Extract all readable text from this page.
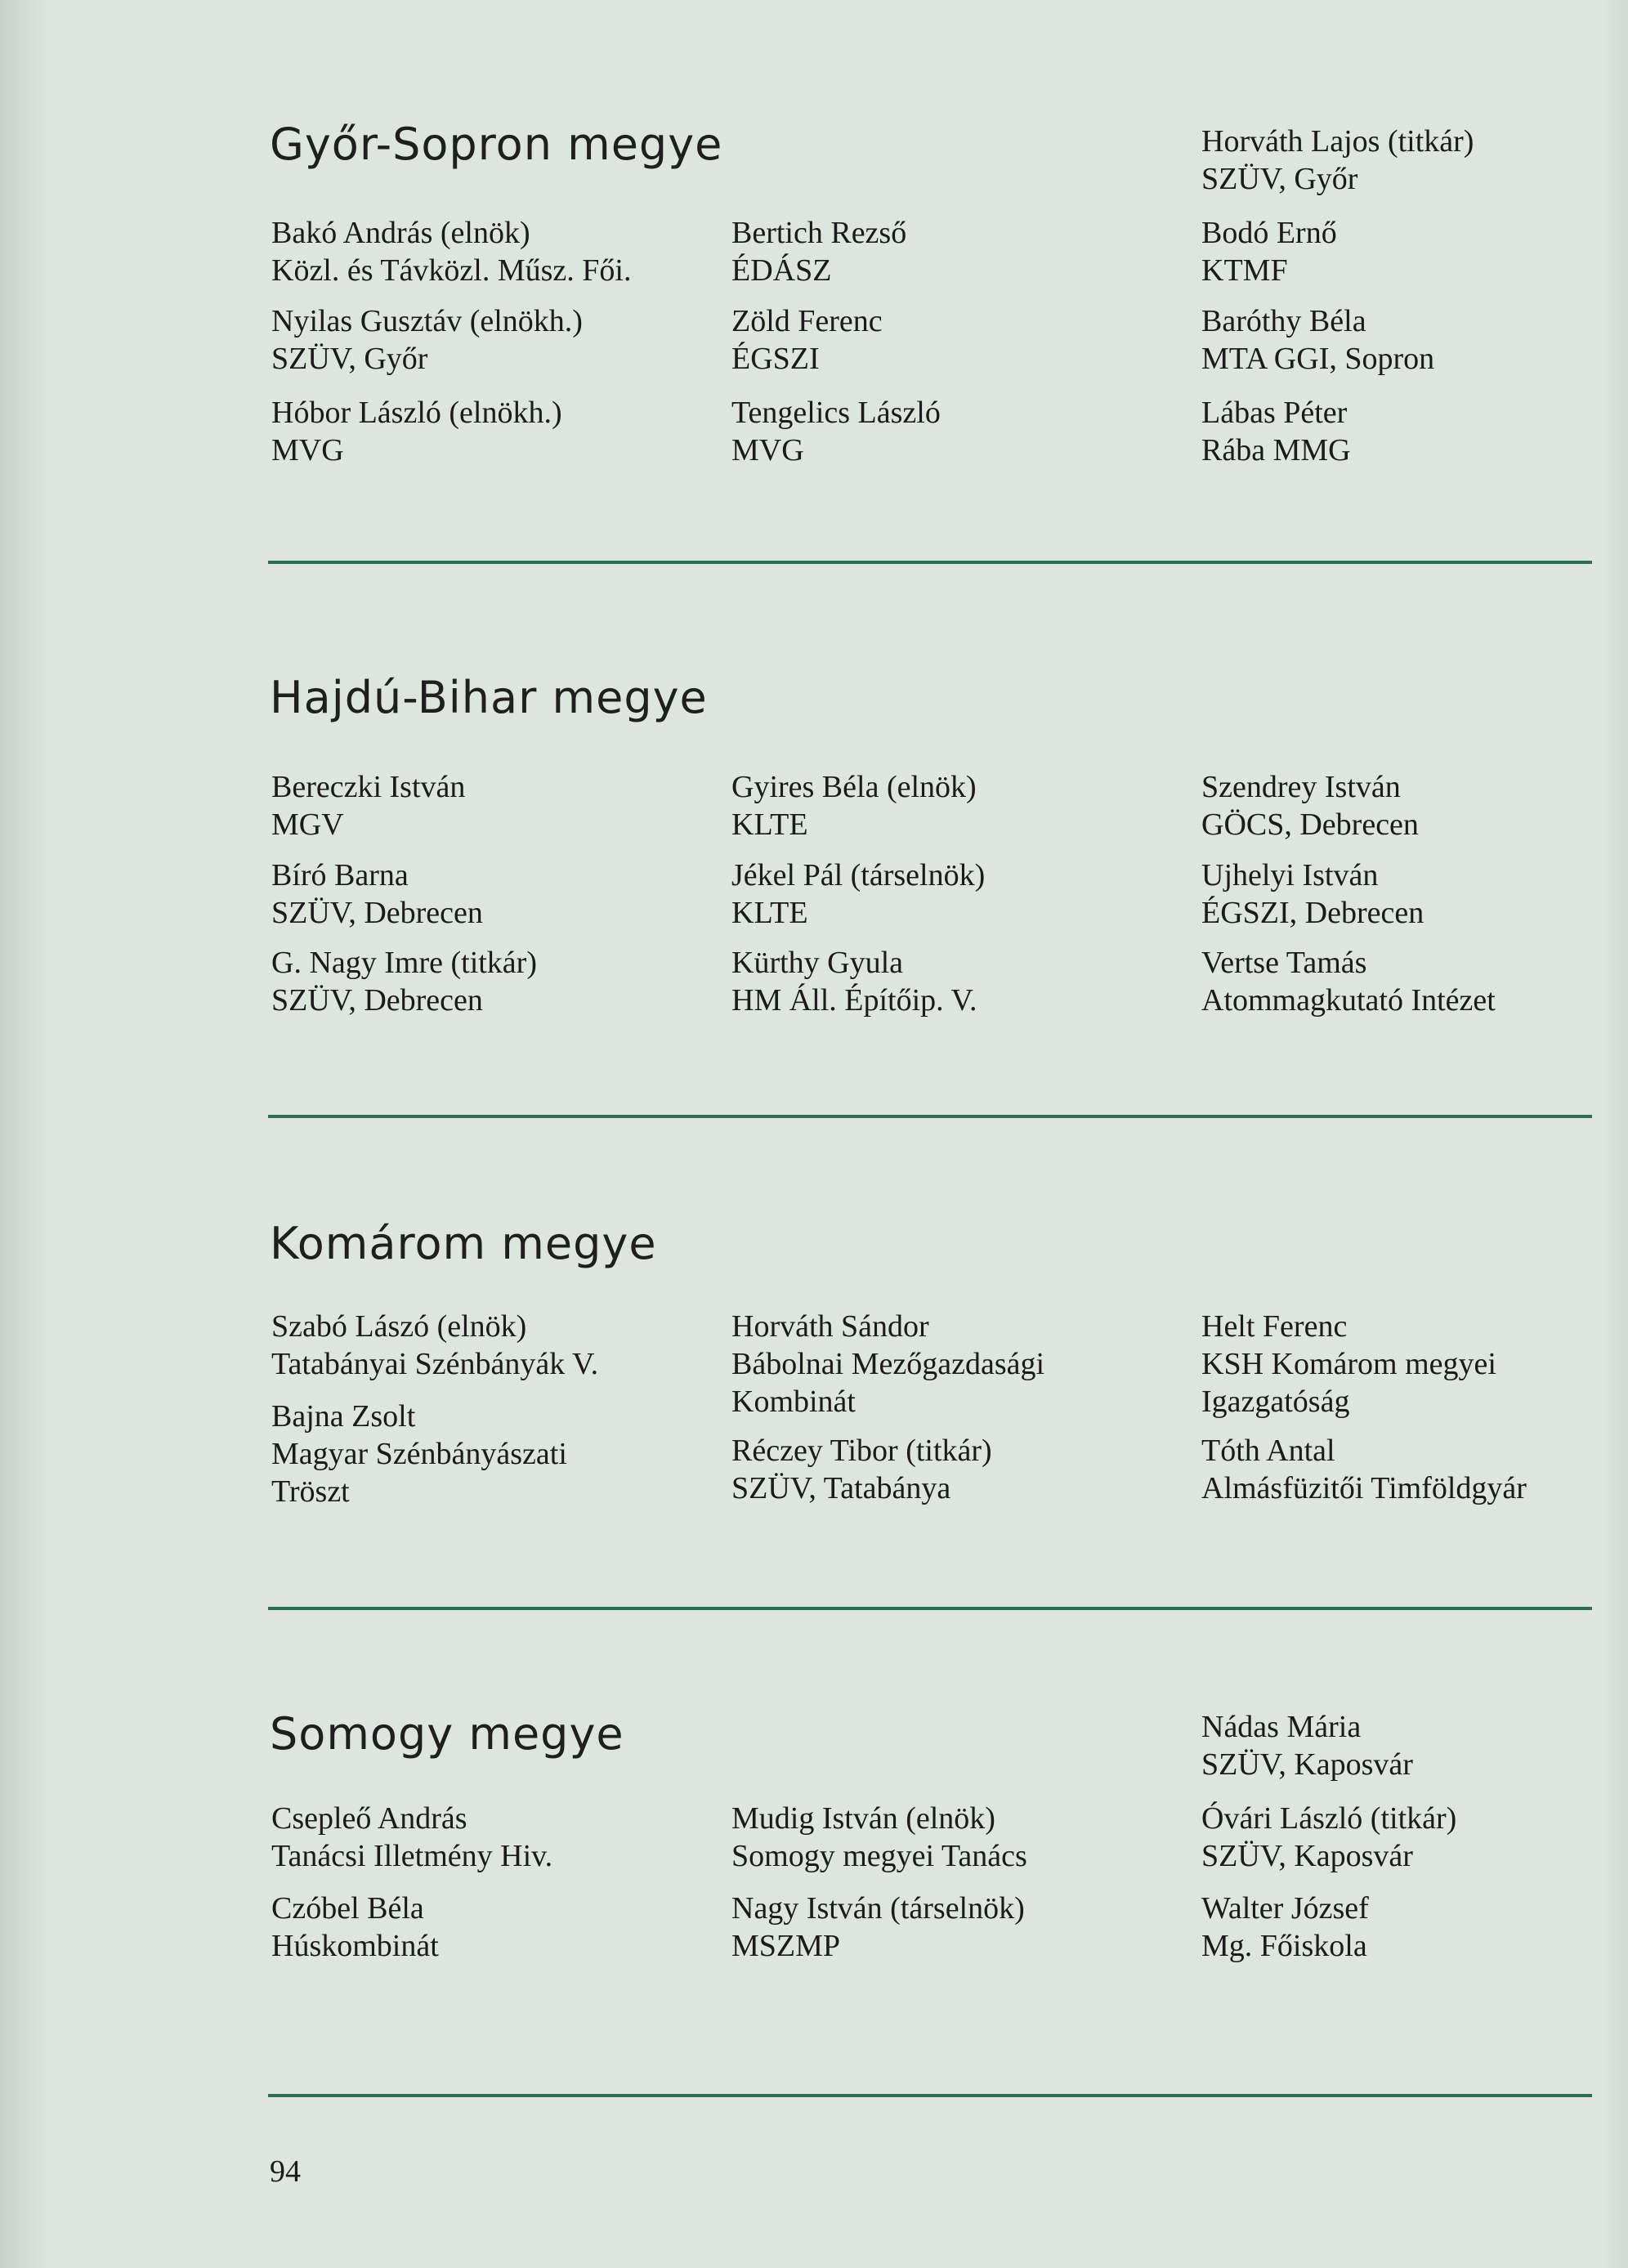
Győr-Sopron megye	Horváth Lajos (titkár)
SZÜV, Győr
Bakó András (elnök)
Közl. és Távközl. Műsz. Fői.
Bertich Rezső
ÉDÁSZ
Bodó Ernő
KTMF
Nyilas Gusztáv (elnökh.)
SZÜV, Győr
Zöld Ferenc
ÉGSZI
Baróthy Béla
MTA GGI, Sopron
Hóbor László (elnökh.)
MVG
Tengelics László
MVG
Lábas Péter
Rába MMG
Hajdú-Bihar megye
Bereczki István
MGV
Gyires Béla (elnök)
KLTE
Szendrey István
GÖCS, Debrecen
Bíró Barna
SZÜV, Debrecen
Jékel Pál (társelnök)
KLTE
Ujhelyi István
ÉGSZI, Debrecen
G. Nagy Imre (titkár)
SZÜV, Debrecen
Kürthy Gyula
HM Áll. Építőip. V.
Vertse Tamás
Atommagkutató Intézet
Komárom megye
Szabó Lászó (elnök)
Tatabányai Szénbányák V.
Horváth Sándor
Bábolnai Mezőgazdasági
Kombinát
Helt Ferenc
KSH Komárom megyei
Igazgatóság
Bajna Zsolt
Magyar Szénbányászati
Tröszt
Réczey Tibor (titkár)
SZÜV, Tatabánya
Tóth Antal
Almásfüzitői Timföldgyár
Somogy megye	Nádas Mária
SZÜV, Kaposvár
Csepleő András
Tanácsi Illetmény Hiv.
Mudig István (elnök)
Somogy megyei Tanács
Óvári László (titkár)
SZÜV, Kaposvár
Czóbel Béla
Húskombinát
Nagy István (társelnök)
MSZMP
Walter József
Mg. Főiskola
94
